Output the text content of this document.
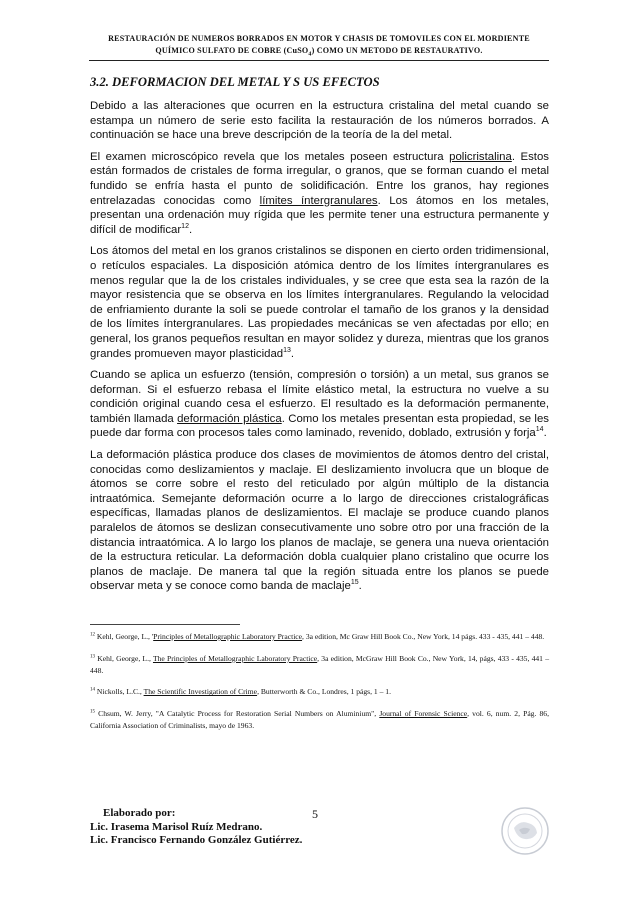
RESTAURACIÓN DE NUMEROS BORRADOS EN MOTOR Y CHASIS DE TOMOVILES CON EL MORDIENTE
QUÍMICO SULFATO DE COBRE (CuSO$_4$) COMO UN METODO DE RESTAURATIVO.
3.2. DEFORMACION DEL METAL Y S US EFECTOS

Debido a las alteraciones que ocurren en la estructura cristalina del metal cuando se estampa un número de serie esto facilita la restauración de los números borrados. A continuación se hace una breve descripción de la teoría de la del metal.

El examen microscópico revela que los metales poseen estructura policristalina. Estos están formados de cristales de forma irregular, o granos, que se forman cuando el metal fundido se enfría hasta el punto de solidificación. Entre los granos, hay regiones entrelazadas conocidas como límites íntergranulares. Los átomos en los metales, presentan una ordenación muy rígida que les permite tener una estructura permanente y difícil de modificar$^{12}$.

Los átomos del metal en los granos cristalinos se disponen en cierto orden tridimensional, o retículos espaciales. La disposición atómica dentro de los límites íntergranulares es menos regular que la de los cristales individuales, y se cree que esta sea la razón de la mayor resistencia que se observa en los límites íntergranulares. Regulando la velocidad de enfriamiento durante la soli se puede controlar el tamaño de los granos y la densidad de los límites íntergranulares. Las propiedades mecánicas se ven afectadas por ello; en general, los granos pequeños resultan en mayor solidez y dureza, mientras que los granos grandes promueven mayor plasticidad$^{13}$.

Cuando se aplica un esfuerzo (tensión, compresión o torsión) a un metal, sus granos se deforman. Si el esfuerzo rebasa el límite elástico metal, la estructura no vuelve a su condición original cuando cesa el esfuerzo. El resultado es la deformación permanente, también llamada deformación plástica. Como los metales presentan esta propiedad, se les puede dar forma con procesos tales como laminado, revenido, doblado, extrusión y forja$^{14}$.

La deformación plástica produce dos clases de movimientos de átomos dentro del cristal, conocidas como deslizamientos y maclaje. El deslizamiento involucra que un bloque de átomos se corre sobre el resto del reticulado por algún múltiplo de la distancia intraatómica. Semejante deformación ocurre a lo largo de direcciones cristalográficas específicas, llamadas planos de deslizamientos. El maclaje se produce cuando planos paralelos de átomos se deslizan consecutivamente uno sobre otro por una fracción de la distancia intraatómica. A lo largo los planos de maclaje, se genera una nueva orientación de la estructura reticular. La deformación dobla cualquier plano cristalino que ocurre los planos de maclaje. De manera tal que la región situada entre los planos se puede observar meta y se conoce como banda de maclaje$^{15}$.

$^{12}$ Kehl, George, L., 'Principles of Metallographic Laboratory Practice, 3a edition, Mc Graw Hill Book Co., New York, 14 págs. 433 - 435, 441 – 448.

$^{13}$ Kehl, George, L., The Principles of Metallographic Laboratory Practice, 3a edition, McGraw Hill Book Co., New York, 14, págs, 433 - 435, 441 – 448.

$^{14}$ Nickolls, L.C., The Scientific Investigation of Crime, Butterworth & Co., Londres, 1 págs, 1 – 1.

$^{15}$ Chsum, W. Jerry, "A Catalytic Process for Restoration Serial Numbers on Aluminium", Journal of Forensic Science, vol. 6, num. 2, Pág. 86, California Association of Criminalists, mayo de 1963.

Elaborado por:
Lic. Irasema Marisol Ruíz Medrano.
Lic. Francisco Fernando González Gutiérrez.
5
